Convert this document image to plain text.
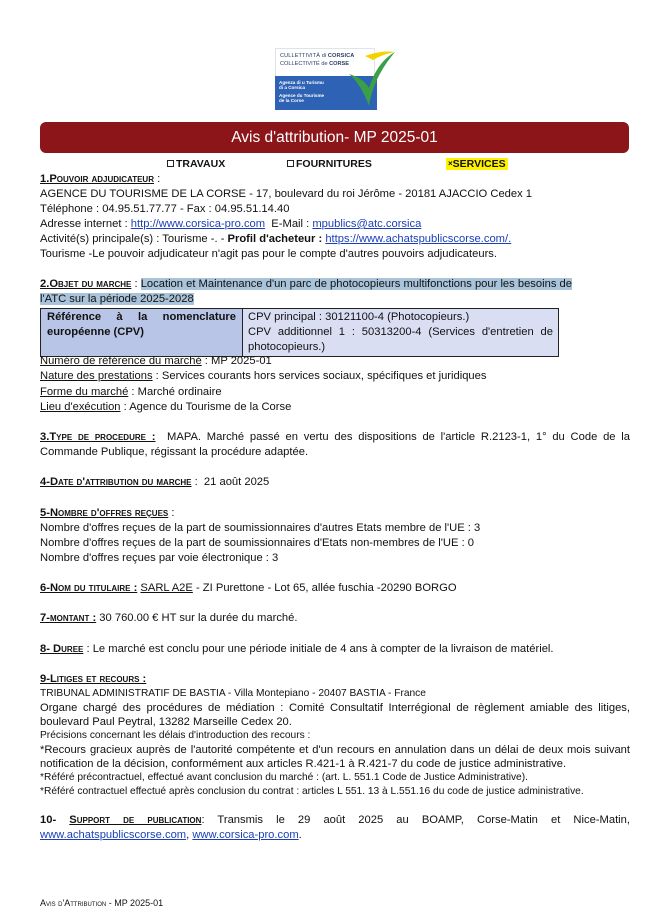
CULLETTIVITÀ di CORSICA
COLLECTIVITÉ de CORSE
Agenza di u Turismu
di a Corsica
Agence du Tourisme
de la Corse
Avis d'attribution- MP 2025-01
TRAVAUX	FOURNITURES	×SERVICES
1.Pouvoir adjudicateur :
AGENCE DU TOURISME DE LA CORSE - 17, boulevard du roi Jérôme - 20181 AJACCIO Cedex 1
Téléphone : 04.95.51.77.77 - Fax : 04.95.51.14.40
Adresse internet : http://www.corsica-pro.com  E-Mail : mpublics@atc.corsica
Activité(s) principale(s) : Tourisme -. - Profil d'acheteur : https://www.achatspublicscorse.com/.
Tourisme -Le pouvoir adjudicateur n'agit pas pour le compte d'autres pouvoirs adjudicateurs.
2.Objet du marche : Location et Maintenance d'un parc de photocopieurs multifonctions pour les besoins de
l'ATC sur la période 2025-2028
Référence à la nomenclature
européenne (CPV)
CPV principal : 30121100-4 (Photocopieurs.)
CPV additionnel 1 : 50313200-4 (Services d'entretien de
photocopieurs.)
Numéro de référence du marché : MP 2025-01
Nature des prestations : Services courants hors services sociaux, spécifiques et juridiques
Forme du marché : Marché ordinaire
Lieu d'exécution : Agence du Tourisme de la Corse
3.Type de procedure :  MAPA. Marché passé en vertu des dispositions de l'article R.2123-1, 1° du Code de la Commande Publique, régissant la procédure adaptée.
4-Date d'attribution du marche :  21 août 2025
5-Nombre d'offres reçues :
Nombre d'offres reçues de la part de soumissionnaires d'autres Etats membre de l'UE : 3
Nombre d'offres reçues de la part de soumissionnaires d'Etats non-membres de l'UE : 0
Nombre d'offres reçues par voie électronique : 3
6-Nom du titulaire : SARL A2E - ZI Purettone - Lot 65, allée fuschia -20290 BORGO
7-montant : 30 760.00 € HT sur la durée du marché.
8- Duree : Le marché est conclu pour une période initiale de 4 ans à compter de la livraison de matériel.
9-Litiges et recours :
TRIBUNAL ADMINISTRATIF DE BASTIA - Villa Montepiano - 20407 BASTIA - France
Organe chargé des procédures de médiation : Comité Consultatif Interrégional de règlement amiable des litiges, boulevard Paul Peytral, 13282 Marseille Cedex 20.
Précisions concernant les délais d'introduction des recours :
*Recours gracieux auprès de l'autorité compétente et d'un recours en annulation dans un délai de deux mois suivant notification de la décision, conformément aux articles R.421-1 à R.421-7 du code de justice administrative.
*Référé précontractuel, effectué avant conclusion du marché : (art. L. 551.1 Code de Justice Administrative).
*Référé contractuel effectué après conclusion du contrat : articles L 551. 13 à L.551.16 du code de justice administrative.
10- Support de publication: Transmis le 29 août 2025 au BOAMP, Corse-Matin et Nice-Matin,
www.achatspublicscorse.com, www.corsica-pro.com.
Avis d'Attribution - MP 2025-01
